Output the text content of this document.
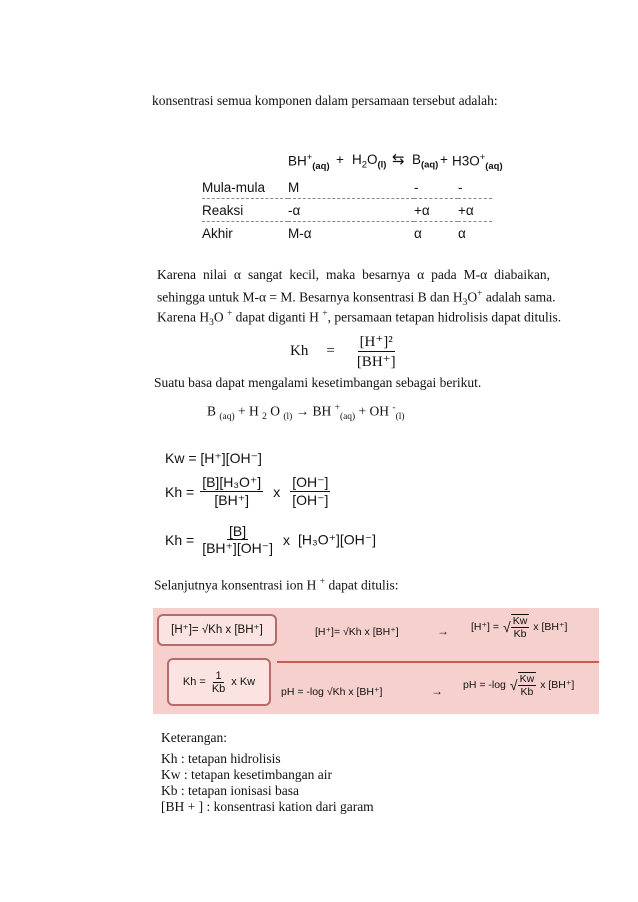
konsentrasi semua komponen dalam persamaan tersebut adalah:
$BH^+_{(aq)} + H_2O_{(l)}$ ⇆ $B_{(aq)} + H3O^+_{(aq)}$
Mula-mula	M	-	-
Reaksi	-α	+α	+α
Akhir	M-α	α	α
Karena nilai α sangat kecil, maka besarnya α pada M-α diabaikan,
sehingga untuk M-α = M. Besarnya konsentrasi B dan $H_3O^+$ adalah sama.
Karena $H_3O$ + dapat diganti H +, persamaan tetapan hidrolisis dapat ditulis.
$Kh = \frac{\text{[H⁺]²}}{[BH^+]}$
Suatu basa dapat mengalami kesetimbangan sebagai berikut.
B $_{(aq)}$ + H $_2$ O $_{(l)}$ → BH +$_{(aq)}$ + OH -$_{(l)}$
Kw = [H⁺][OH⁻]
$Kh = \frac{\text{[B][H₃O⁺]}}{[BH^+]}$ x $\frac{[OH^-]}{[OH^-]}$
$Kh = \frac{[B]}{[BH^+][OH^-]}$ x [H₃O⁺][OH⁻]
Selanjutnya konsentrasi ion H + dapat ditulis:
[H⁺]= √Kh x [BH⁺]
$Kh = \frac{1}{Kb}$ x Kw
[H⁺]= √Kh x [BH⁺]	→ [H⁺] = √ $\frac{Kw}{Kb}$ x [BH⁺]
pH = -log √Kh x [BH⁺]	→ pH = -log √ $\frac{Kw}{Kb}$ x [BH⁺]
Keterangan:
Kh : tetapan hidrolisis
Kw : tetapan kesetimbangan air
Kb : tetapan ionisasi basa
[BH + ] : konsentrasi kation dari garam
